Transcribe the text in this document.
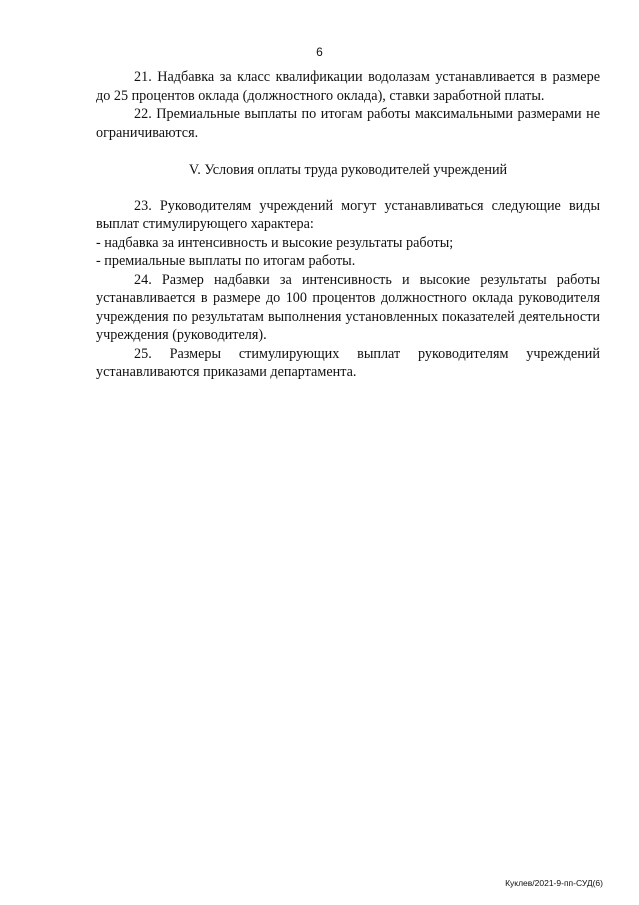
6

21. Надбавка за класс квалификации водолазам устанавливается в размере до 25 процентов оклада (должностного оклада), ставки заработной платы.

22. Премиальные выплаты по итогам работы максимальными размерами не ограничиваются.

V. Условия оплаты труда руководителей учреждений

23. Руководителям учреждений могут устанавливаться следующие виды выплат стимулирующего характера:

- надбавка за интенсивность и высокие результаты работы;

- премиальные выплаты по итогам работы.

24. Размер надбавки за интенсивность и высокие результаты работы устанавливается в размере до 100 процентов должностного оклада руководителя учреждения по результатам выполнения установленных показателей деятельности учреждения (руководителя).

25. Размеры стимулирующих выплат руководителям учреждений устанавливаются приказами департамента.

Куклев/2021-9-пп-СУД(6)
